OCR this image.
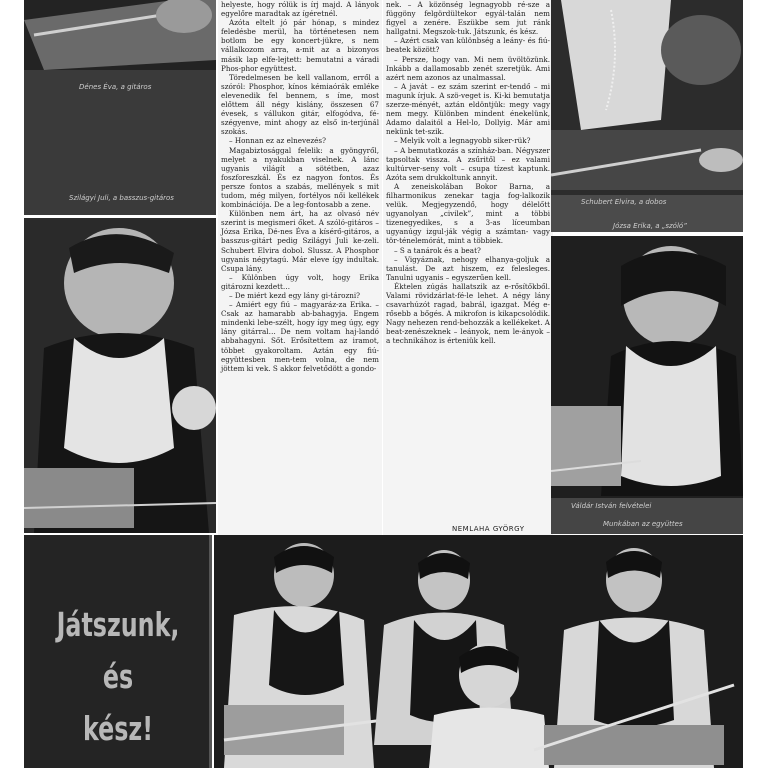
Dénes Éva, a gitáros
Szilágyi Juli, a basszus-gitáros

helyeste, hogy rólük is írj majd. A lányok egyelőre maradtak az ígéretnél.

Azóta eltelt jó pár hónap, s mindez feledésbe merül, ha történetesen nem botlom be egy koncert-jükre, s nem vállalkozom arra, a-mit az a bizonyos másik lap elfe-lejtett: bemutatni a váradi Phos-phor együttest.

Töredelmesen be kell vallanom, erről a szóról: Phosphor, kínos kémiaórák emléke elevenedik fel bennem, s íme, most előttem áll négy kislány, összesen 67 évesek, s vállukon gitár, elfogódva, fé-szégyenve, mint ahogy az első in-terjúnál szokás.

– Honnan ez az elnevezés?

Magabiztosággal felelik: a gyöngyről, melyet a nyakukban viselnek. A lánc ugyanis világít a sötétben, azaz foszforeszkál. És ez nagyon fontos. És persze fontos a szabás, mellények s mit tudom, még milyen, fortélyos női kellékek kombinációja. De a leg-fontosabb a zene.

Különben nem árt, ha az olvasó név szerint is megismeri őket. A szóló-gitáros – Józsa Erika, Dé-nes Éva a kísérő-gitáros, a basszus-gitárt pedig Szilágyi Juli ke-zeli. Schubert Elvira dobol. Slussz. A Phosphor ugyanis négytagú. Már eleve így indultak. Csupa lány.

– Különben úgy volt, hogy Erika gitározni kezdett…

– De miért kezd egy lány gi-tározni?

– Amiért egy fiú – magyaráz-za Erika. – Csak az hamarabb ab-bahagyja. Engem mindenki lebe-szélt, hogy így meg úgy, egy lány gitárral… De nem voltam haj-landó abbahagyni. Sőt. Erősítettem az iramot, többet gyakoroltam. Aztán egy fiú-együttesben men-tem volna, de nem jöttem ki vek. S akkor felvetődött a gondo-

nek. – A közönség legnagyobb ré-sze a függöny felgördültekor egyál-talán nem figyel a zenére. Eszükbe sem jut ránk hallgatni. Megszok-tuk. Játszunk, és kész.

– Azért csak van különbség a leány- és fiú-beatek között?

– Persze, hogy van. Mi nem üvöltözünk. Inkább a dallamosabb zenét szeretjük. Ami azért nem azonos az unalmassal.

– A javát – ez szám szerint er-tendő – mi magunk írjuk. A szö-veget is. Ki-ki bemutatja szerze-ményét, aztán eldöntjük: megy vagy nem megy. Különben mindent énekelünk, Adamo dalaitól a Hel-lo, Dollyig. Már ami nekünk tet-szik.

– Melyik volt a legnagyobb siker-rük?

– A bemutatkozás a színház-ban. Négyszer tapsoltak vissza. A zsűritől – ez valami kultúrver-seny volt – csupa tízest kaptunk. Azóta sem drukkoltunk annyit.

A zeneiskolában Bokor Barna, a filharmonikus zenekar tagja fog-lalkozik velük. Megjegyzendő, hogy délelőtt ugyanolyan „civilek”, mint a többi tizenegyedikes, s a 3-as líceumban ugyanúgy izgul-ják végig a számtan- vagy tör-ténelemórát, mint a többiek.

– S a tanárok és a beat?

– Vigyáznak, nehogy elhanya-goljuk a tanulást. De azt hiszem, ez felesleges. Tanulni ugyanis – egyszerűen kell.

Éktelen zúgás hallatszik az e-rősítőkből. Valami rövidzárlat-fé-le lehet. A négy lány csavarhúzót ragad, babrál, igazgat. Még e-rősebb a bőgés. A mikrofon is kikapcsolódik. Nagy nehezen rend-behozzák a kellékeket. A beat-zenészeknek – leányok, nem le-ányok – a technikához is érteniük kell.

NEMLAHA GYÖRGY
Schubert Elvira, a dobos
Józsa Erika, a „szóló”
Váldár István felvételei
Munkában az együttes
Játszunk,
és
kész!
